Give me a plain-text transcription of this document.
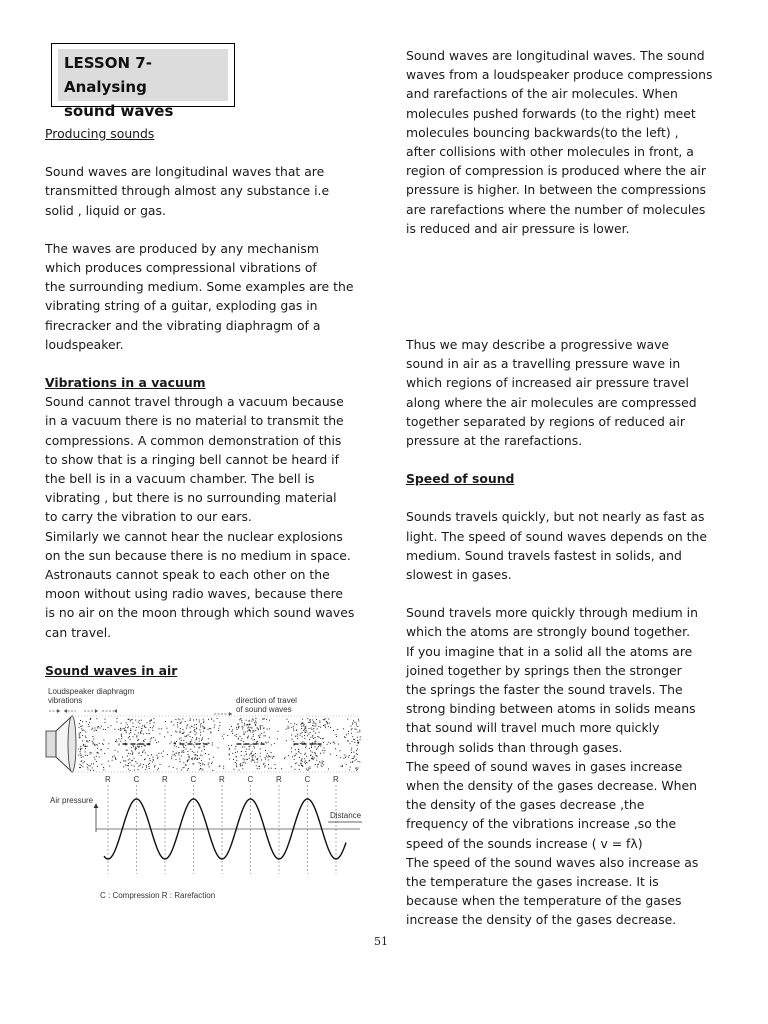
LESSON 7- Analysing
sound waves

Producing sounds

Sound waves are longitudinal waves that are

transmitted through almost any substance i.e

solid , liquid or gas.

The waves are produced by any mechanism

which produces compressional vibrations of

the surrounding medium. Some examples are the

vibrating string of a guitar, exploding gas in

firecracker and the vibrating diaphragm of a

loudspeaker.

Vibrations in a vacuum

Sound cannot travel through a vacuum because

in a vacuum there is no material to transmit the

compressions. A common demonstration of this

to show that is a ringing bell cannot be heard if

the bell is in a vacuum chamber. The bell is

vibrating , but there is no surrounding material

to carry the vibration to our ears.

Similarly we cannot hear the nuclear explosions

on the sun because there is no medium in space.

Astronauts cannot speak to each other on the

moon without using radio waves, because there

is no air on the moon through which sound waves

can travel.

Sound waves in air

Loudspeaker diaphragm
vibrations	direction of travel
of sound waves
R	C	R	C	R	C	R	C	R
Air pressure
Distance
C : Compression R : Rarefaction

Sound waves are longitudinal waves. The sound

waves from a loudspeaker produce compressions

and rarefactions of the air molecules. When

molecules pushed forwards (to the right) meet

molecules bouncing backwards(to the left) ,

after collisions with other molecules in front, a

region of compression is produced where the air

pressure is higher. In between the compressions

are rarefactions where the number of molecules

is reduced and air pressure is lower.

Thus we may describe a progressive wave

sound in air as a travelling pressure wave in

which regions of increased air pressure travel

along where the air molecules are compressed

together separated by regions of reduced air

pressure at the rarefactions.

Speed of sound

Sounds travels quickly, but not nearly as fast as

light. The speed of sound waves depends on the

medium. Sound travels fastest in solids, and

slowest in gases.

Sound travels more quickly through medium in

which the atoms are strongly bound together.

If you imagine that in a solid all the atoms are

joined together by springs then the stronger

the springs the faster the sound travels. The

strong binding between atoms in solids means

that sound will travel much more quickly

through solids than through gases.

The speed of sound waves in gases increase

when the density of the gases decrease. When

the density of the gases decrease ,the

frequency of the vibrations increase ,so the

speed of the sounds increase ( v = fλ)

The speed of the sound waves also increase as

the temperature the gases increase. It is

because when the temperature of the gases

increase the density of the gases decrease.

51
